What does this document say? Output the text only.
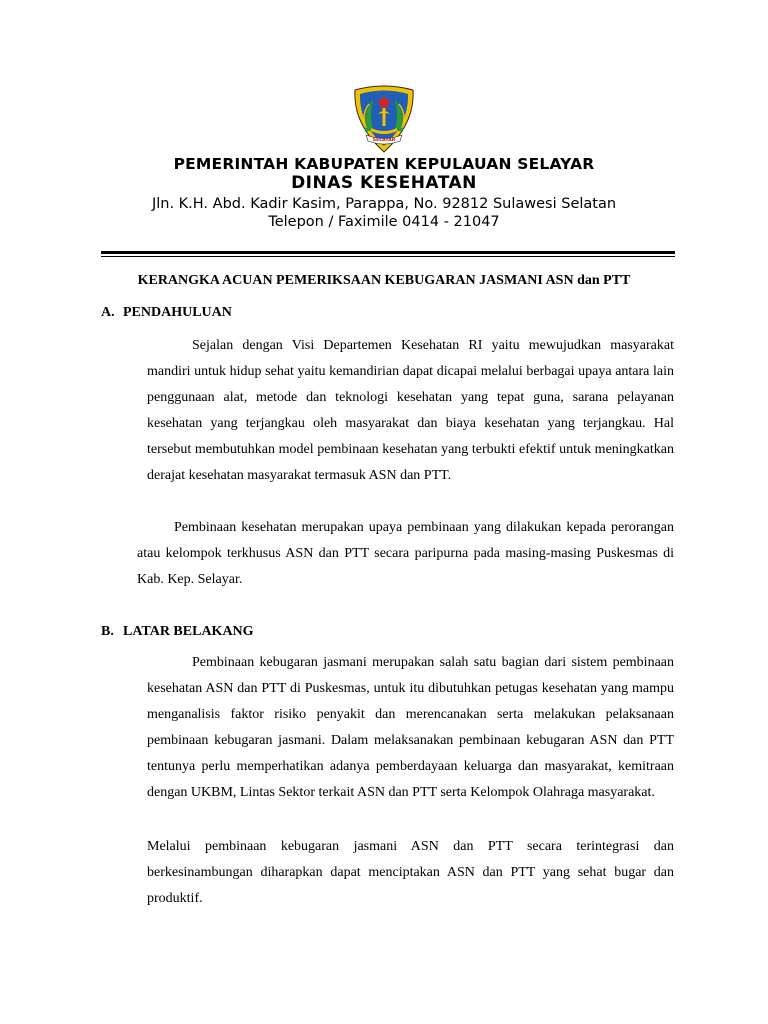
SELAYAR
PEMERINTAH KABUPATEN KEPULAUAN SELAYAR
DINAS KESEHATAN
Jln. K.H. Abd. Kadir Kasim, Parappa, No. 92812 Sulawesi Selatan
Telepon / Faximile 0414 - 21047
KERANGKA ACUAN PEMERIKSAAN KEBUGARAN JASMANI ASN dan PTT
A. PENDAHULUAN

Sejalan dengan Visi Departemen Kesehatan RI yaitu mewujudkan masyarakat mandiri untuk hidup sehat yaitu kemandirian dapat dicapai melalui berbagai upaya antara lain penggunaan alat, metode dan teknologi kesehatan yang tepat guna, sarana pelayanan kesehatan yang terjangkau oleh masyarakat dan biaya kesehatan yang terjangkau. Hal tersebut membutuhkan model pembinaan kesehatan yang terbukti efektif untuk meningkatkan derajat kesehatan masyarakat termasuk ASN dan PTT.

Pembinaan kesehatan merupakan upaya pembinaan yang dilakukan kepada perorangan atau kelompok terkhusus ASN dan PTT secara paripurna pada masing-masing Puskesmas di Kab. Kep. Selayar.

B. LATAR BELAKANG

Pembinaan kebugaran jasmani merupakan salah satu bagian dari sistem pembinaan kesehatan ASN dan PTT di Puskesmas, untuk itu dibutuhkan petugas kesehatan yang mampu menganalisis faktor risiko penyakit dan merencanakan serta melakukan pelaksanaan pembinaan kebugaran jasmani. Dalam melaksanakan pembinaan kebugaran ASN dan PTT tentunya perlu memperhatikan adanya pemberdayaan keluarga dan masyarakat, kemitraan dengan UKBM, Lintas Sektor terkait ASN dan PTT serta Kelompok Olahraga masyarakat.

Melalui pembinaan kebugaran jasmani ASN dan PTT secara terintegrasi dan berkesinambungan diharapkan dapat menciptakan ASN dan PTT yang sehat bugar dan produktif.
